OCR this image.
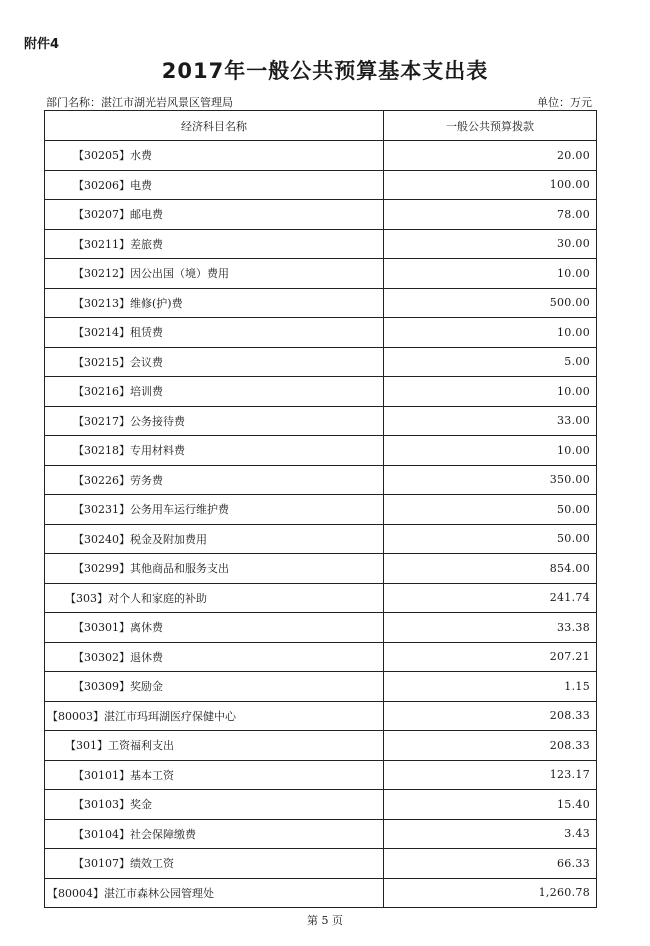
附件4
2017年一般公共预算基本支出表
部门名称：湛江市湖光岩风景区管理局	单位：万元
经济科目名称	一般公共预算拨款
【30205】水费	20.00
【30206】电费	100.00
【30207】邮电费	78.00
【30211】差旅费	30.00
【30212】因公出国（境）费用	10.00
【30213】维修(护)费	500.00
【30214】租赁费	10.00
【30215】会议费	5.00
【30216】培训费	10.00
【30217】公务接待费	33.00
【30218】专用材料费	10.00
【30226】劳务费	350.00
【30231】公务用车运行维护费	50.00
【30240】税金及附加费用	50.00
【30299】其他商品和服务支出	854.00
【303】对个人和家庭的补助	241.74
【30301】离休费	33.38
【30302】退休费	207.21
【30309】奖励金	1.15
【80003】湛江市玛珥湖医疗保健中心	208.33
【301】工资福利支出	208.33
【30101】基本工资	123.17
【30103】奖金	15.40
【30104】社会保障缴费	3.43
【30107】绩效工资	66.33
【80004】湛江市森林公园管理处	1,260.78
第 5 页
